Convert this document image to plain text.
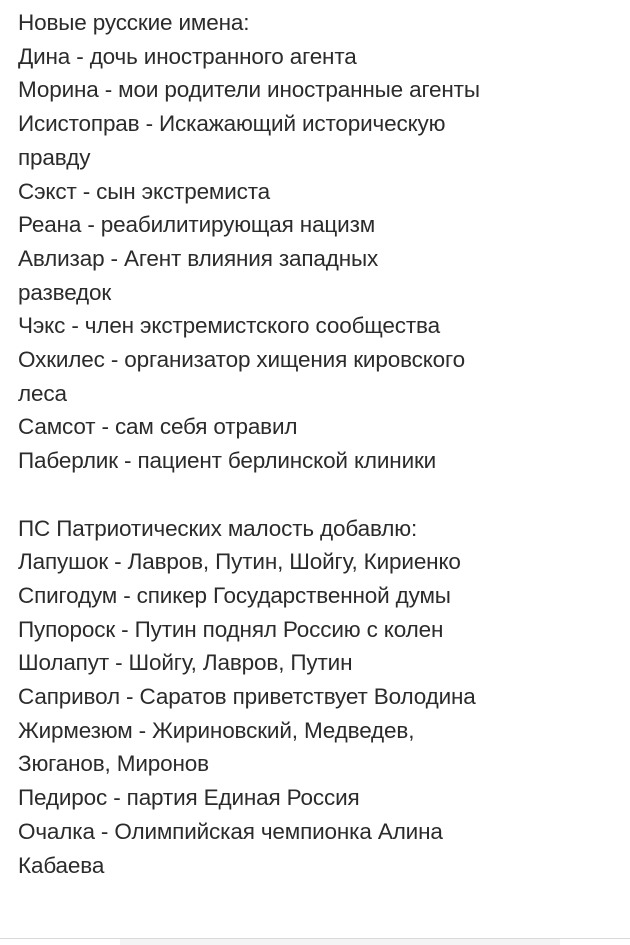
Новые русские имена:
Дина - дочь иностранного агента
Морина - мои родители иностранные агенты
Исистоправ - Искажающий историческую
правду
Сэкст - сын экстремиста
Реана - реабилитирующая нацизм
Авлизар - Агент влияния западных
разведок
Чэкс - член экстремистского сообщества
Охкилес - организатор хищения кировского
леса
Самсот - сам себя отравил
Паберлик - пациент берлинской клиники
ПС Патриотических малость добавлю:
Лапушок - Лавров, Путин, Шойгу, Кириенко
Спигодум - спикер Государственной думы
Пупороск - Путин поднял Россию с колен
Шолапут - Шойгу, Лавров, Путин
Саприв​ол - Саратов приветствует Володина
Жирмезюм - Жириновский, Медведев,
Зюганов, Миронов
Педирос - партия Единая Россия
Очалка - Олимпийская чемпионка Алина
Кабаева
